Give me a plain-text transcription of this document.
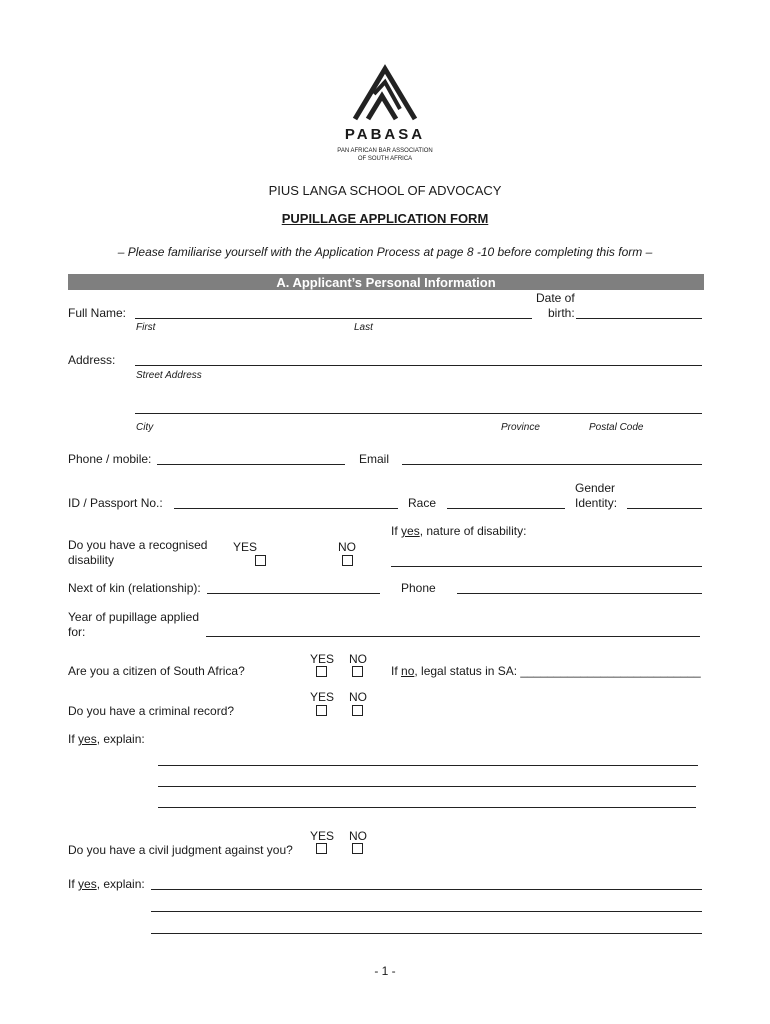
PABASA
PAN AFRICAN BAR ASSOCIATION
OF SOUTH AFRICA
PIUS LANGA SCHOOL OF ADVOCACY
PUPILLAGE APPLICATION FORM
– Please familiarise yourself with the Application Process at page 8 -10 before completing this form –
A. Applicant’s Personal Information
Full Name:
First	Last
Date of
birth:
Address:
Street Address
City	Province	Postal Code
Phone / mobile:	Email
ID / Passport No.:	Race
Gender
Identity:
If yes, nature of disability:
Do you have a recognised
disability
YES	NO
Next of kin (relationship):	Phone
Year of pupillage applied
for:
YES NO
Are you a citizen of South Africa?	If no, legal status in SA: ___________________________
YES NO
Do you have a criminal record?
If yes, explain:
YES NO
Do you have a civil judgment against you?
If yes, explain:
- 1 -
